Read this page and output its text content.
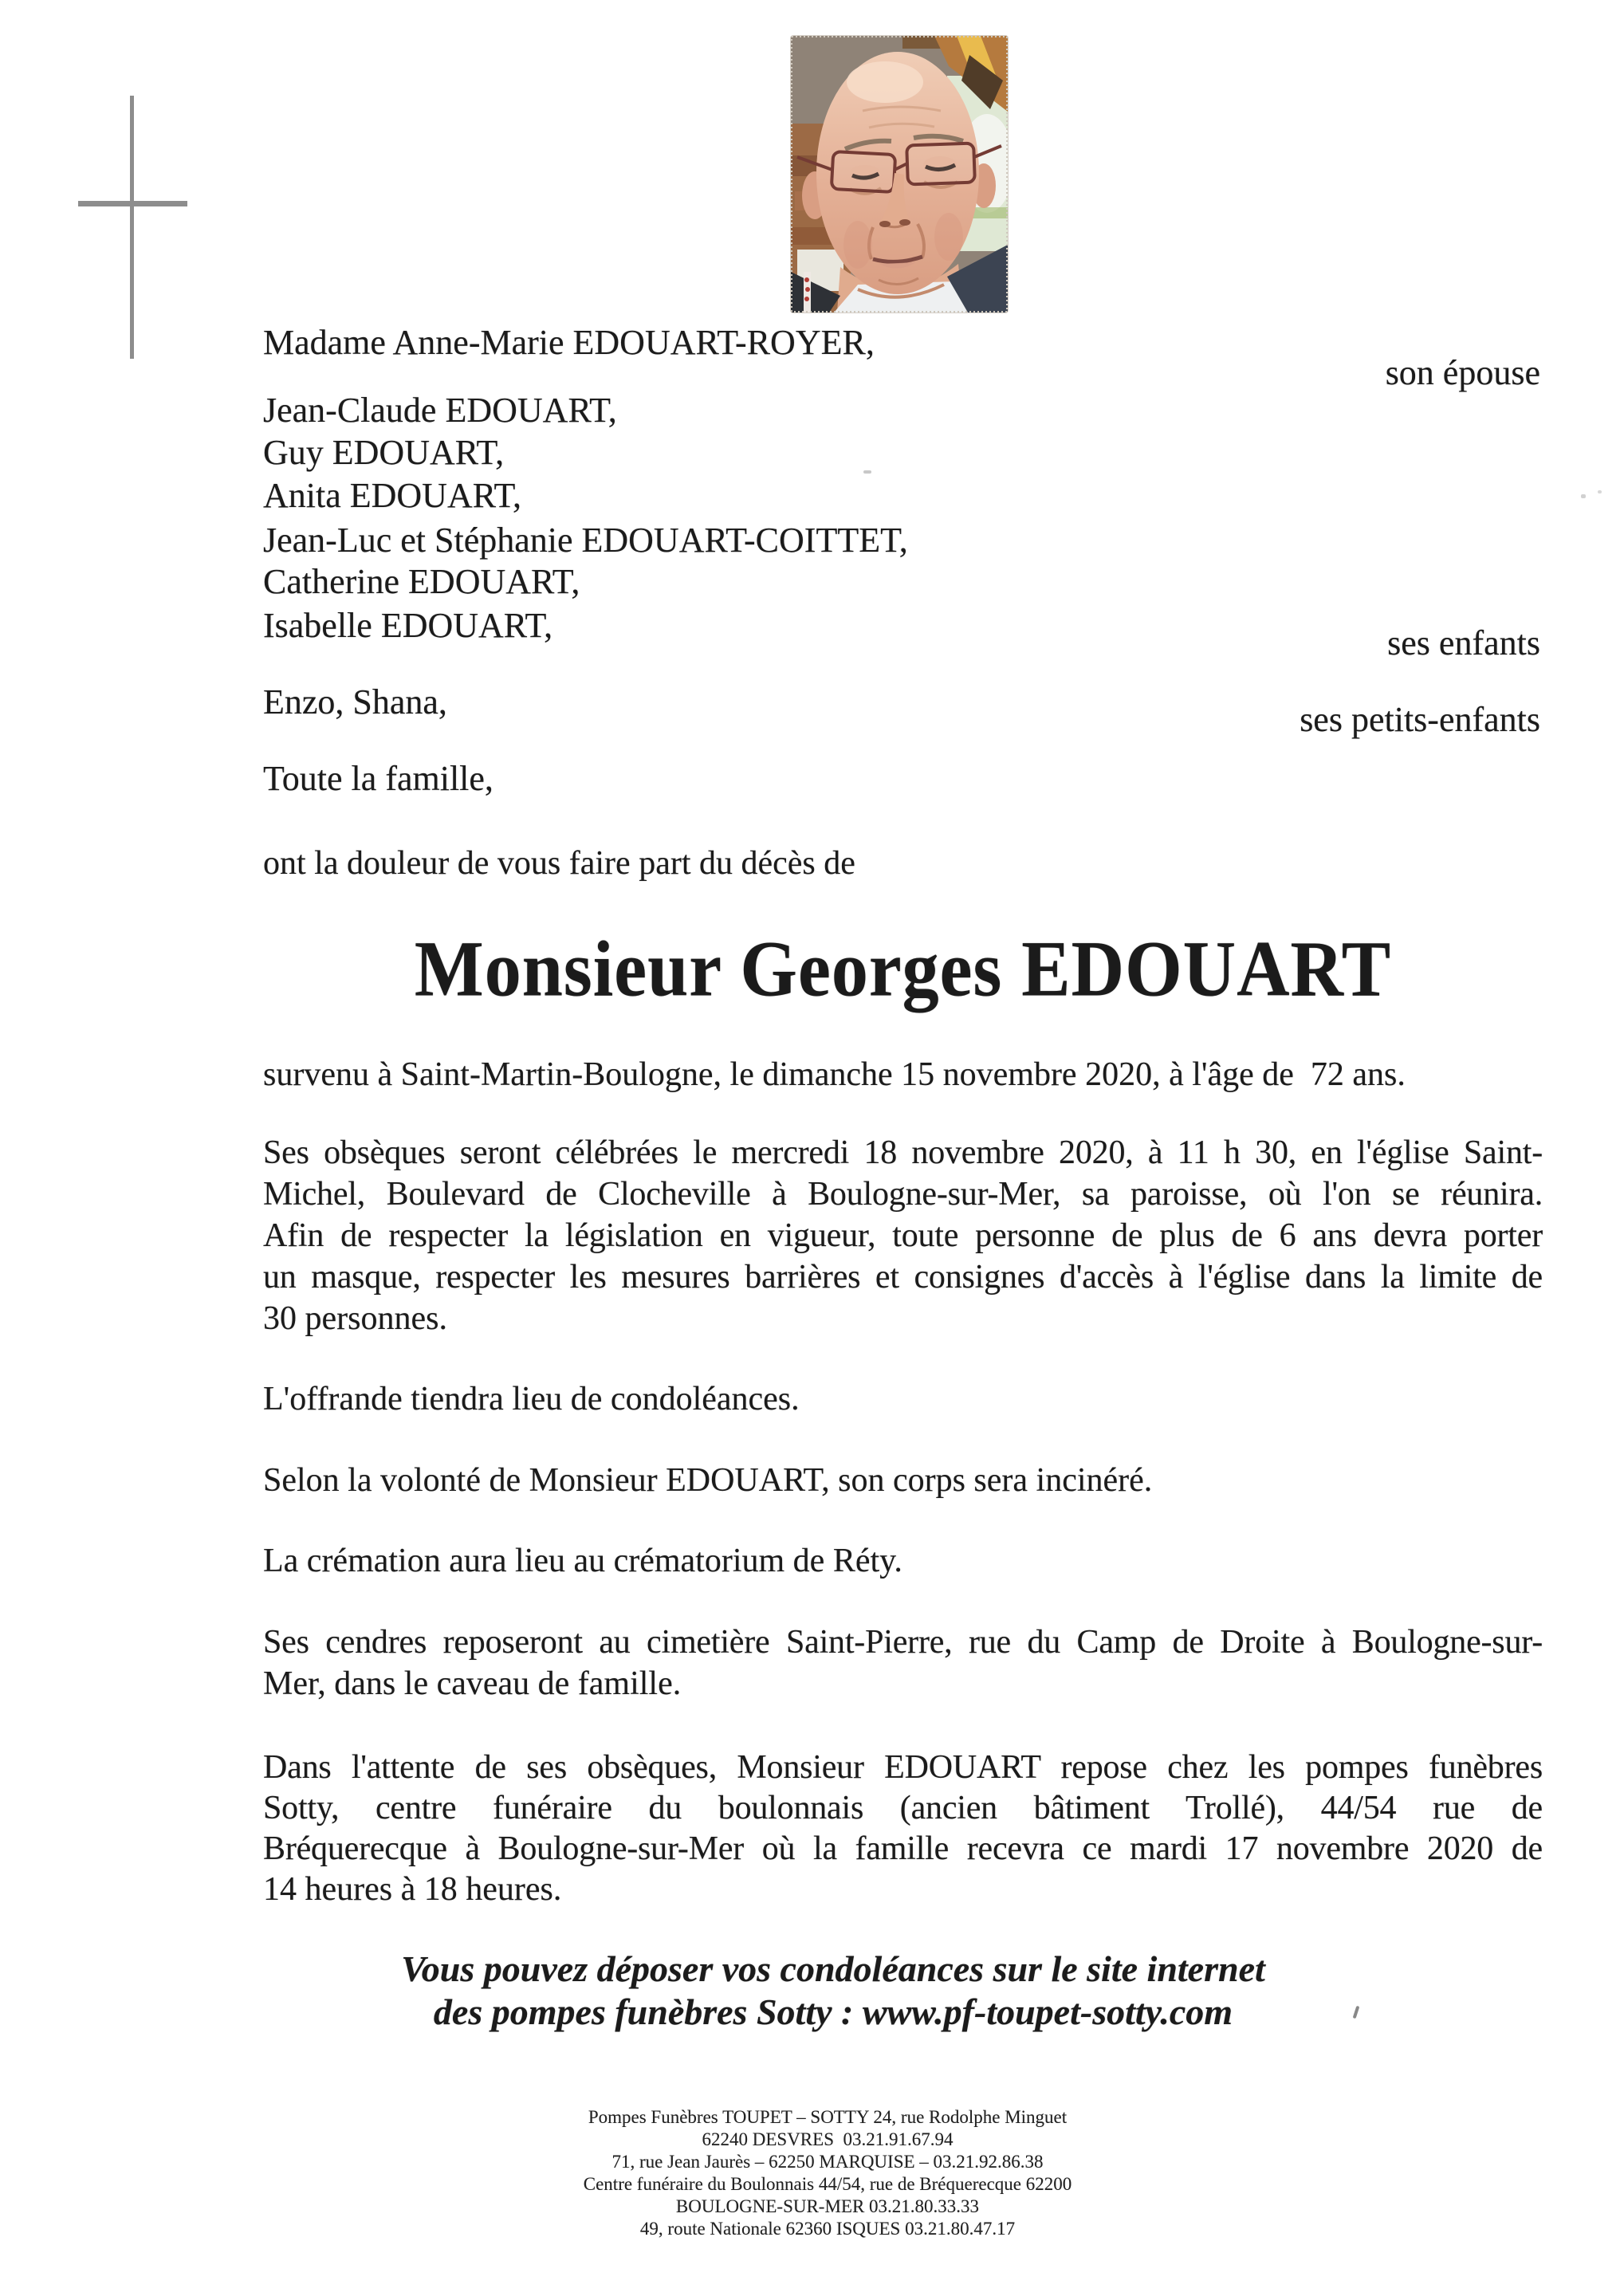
Madame Anne-Marie EDOUART-ROYER,
son épouse
Jean-Claude EDOUART,
Guy EDOUART,
Anita EDOUART,
Jean-Luc et Stéphanie EDOUART-COITTET,
Catherine EDOUART,
Isabelle EDOUART,	ses enfants
Enzo, Shana,	ses petits-enfants
Toute la famille,
ont la douleur de vous faire part du décès de
Monsieur Georges EDOUART
survenu à Saint-Martin-Boulogne, le dimanche 15 novembre 2020, à l'âge de  72 ans.
Ses obsèques seront célébrées le mercredi 18 novembre 2020, à 11 h 30, en l'église Saint-
Michel, Boulevard de Clocheville à Boulogne-sur-Mer, sa paroisse, où l'on se réunira.
Afin de respecter la législation en vigueur, toute personne de plus de 6 ans devra porter
un masque, respecter les mesures barrières et consignes d'accès à l'église dans la limite de
30 personnes.
L'offrande tiendra lieu de condoléances.
Selon la volonté de Monsieur EDOUART, son corps sera incinéré.
La crémation aura lieu au crématorium de Réty.
Ses cendres reposeront au cimetière Saint-Pierre, rue du Camp de Droite à Boulogne-sur-
Mer, dans le caveau de famille.
Dans l'attente de ses obsèques, Monsieur EDOUART repose chez les pompes funèbres
Sotty, centre funéraire du boulonnais (ancien bâtiment Trollé), 44/54 rue de
Bréquerecque à Boulogne-sur-Mer où la famille recevra ce mardi 17 novembre 2020 de
14 heures à 18 heures.
Vous pouvez déposer vos condoléances sur le site internet
des pompes funèbres Sotty : www.pf-toupet-sotty.com
Pompes Funèbres TOUPET – SOTTY 24, rue Rodolphe Minguet
62240 DESVRES  03.21.91.67.94
71, rue Jean Jaurès – 62250 MARQUISE – 03.21.92.86.38
Centre funéraire du Boulonnais 44/54, rue de Bréquerecque 62200
BOULOGNE-SUR-MER 03.21.80.33.33
49, route Nationale 62360 ISQUES 03.21.80.47.17
